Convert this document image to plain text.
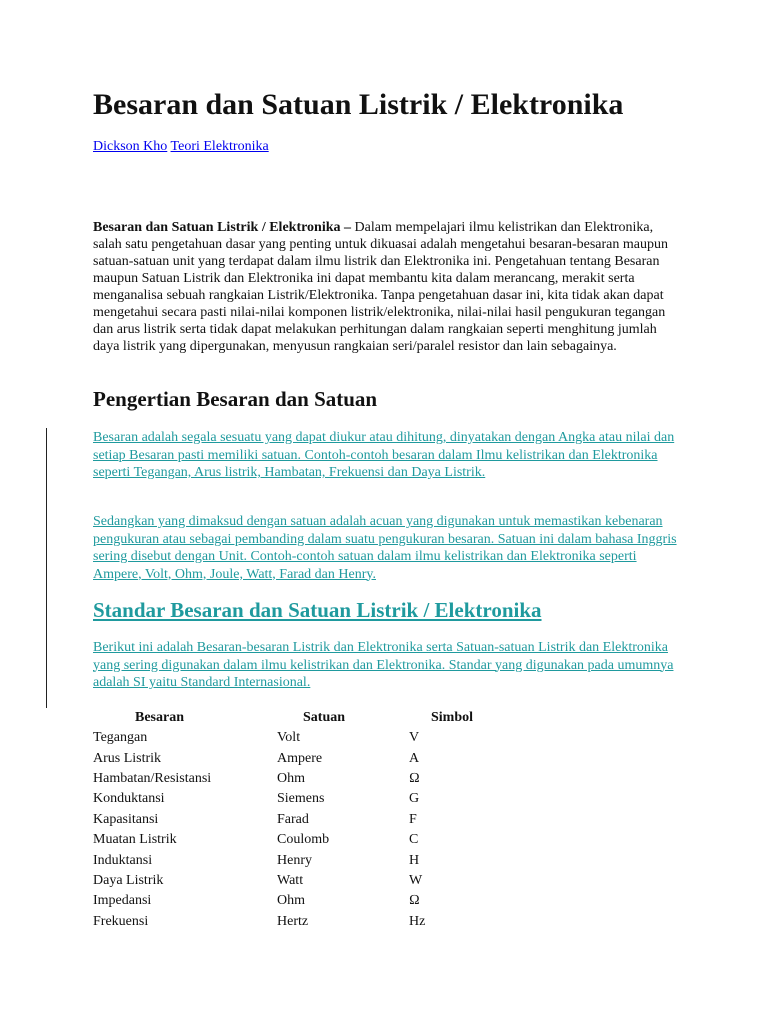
Besaran dan Satuan Listrik / Elektronika
Dickson Kho Teori Elektronika

Besaran dan Satuan Listrik / Elektronika – Dalam mempelajari ilmu kelistrikan dan Elektronika, salah satu pengetahuan dasar yang penting untuk dikuasai adalah mengetahui besaran-besaran maupun satuan-satuan unit yang terdapat dalam ilmu listrik dan Elektronika ini. Pengetahuan tentang Besaran maupun Satuan Listrik dan Elektronika ini dapat membantu kita dalam merancang, merakit serta menganalisa sebuah rangkaian Listrik/Elektronika. Tanpa pengetahuan dasar ini, kita tidak akan dapat mengetahui secara pasti nilai-nilai komponen listrik/elektronika, nilai-nilai hasil pengukuran tegangan dan arus listrik serta tidak dapat melakukan perhitungan dalam rangkaian seperti menghitung jumlah daya listrik yang dipergunakan, menyusun rangkaian seri/paralel resistor dan lain sebagainya.

Pengertian Besaran dan Satuan

Besaran adalah segala sesuatu yang dapat diukur atau dihitung, dinyatakan dengan Angka atau nilai dan setiap Besaran pasti memiliki satuan. Contoh-contoh besaran dalam Ilmu kelistrikan dan Elektronika seperti Tegangan, Arus listrik, Hambatan, Frekuensi dan Daya Listrik.

Sedangkan yang dimaksud dengan satuan adalah acuan yang digunakan untuk memastikan kebenaran pengukuran atau sebagai pembanding dalam suatu pengukuran besaran. Satuan ini dalam bahasa Inggris sering disebut dengan Unit. Contoh-contoh satuan dalam ilmu kelistrikan dan Elektronika seperti Ampere, Volt, Ohm, Joule, Watt, Farad dan Henry.

Standar Besaran dan Satuan Listrik / Elektronika

Berikut ini adalah Besaran-besaran Listrik dan Elektronika serta Satuan-satuan Listrik dan Elektronika yang sering digunakan dalam ilmu kelistrikan dan Elektronika. Standar yang digunakan pada umumnya adalah SI yaitu Standard Internasional.

Besaran	Satuan	Simbol
Tegangan	Volt	V
Arus Listrik	Ampere	A
Hambatan/Resistansi	Ohm	Ω
Konduktansi	Siemens	G
Kapasitansi	Farad	F
Muatan Listrik	Coulomb	C
Induktansi	Henry	H
Daya Listrik	Watt	W
Impedansi	Ohm	Ω
Frekuensi	Hertz	Hz
